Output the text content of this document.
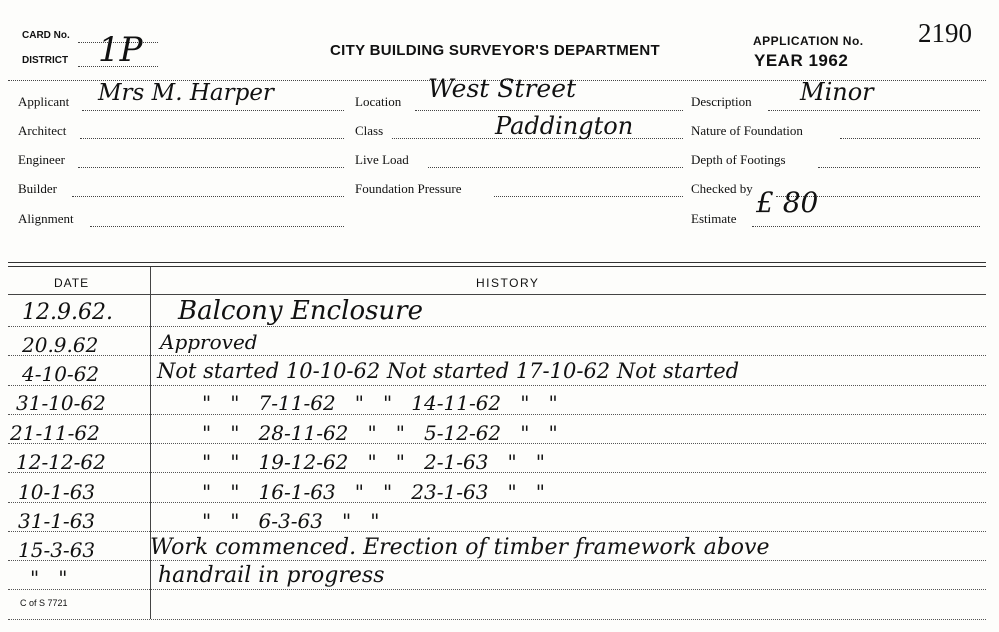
CARD No.
DISTRICT 1P	CITY BUILDING SURVEYOR'S DEPARTMENT
APPLICATION No. 2190
YEAR 1962
Applicant Mrs M. Harper
Architect
Engineer
Builder
Alignment
Location West Street
Class	Paddington
Live Load
Foundation Pressure
Description Minor
Nature of Foundation
Depth of Footings
Checked by
Estimate £ 80
DATE	HISTORY
12.9.62.	Balcony Enclosure
20.9.62	Approved
4-10-62	Not started 10-10-62 Not started 17-10-62 Not started
31-10-62	"   "   7-11-62   "   "   14-11-62   "   "
21-11-62	"   "   28-11-62   "   "   5-12-62   "   "
12-12-62	"   "   19-12-62   "   "   2-1-63   "   "
10-1-63	"   "   16-1-63   "   "   23-1-63   "   "
31-1-63	"   "   6-3-63   "   "
15-3-63 Work commenced. Erection of timber framework above
"   "	handrail in progress
C of S 7721
